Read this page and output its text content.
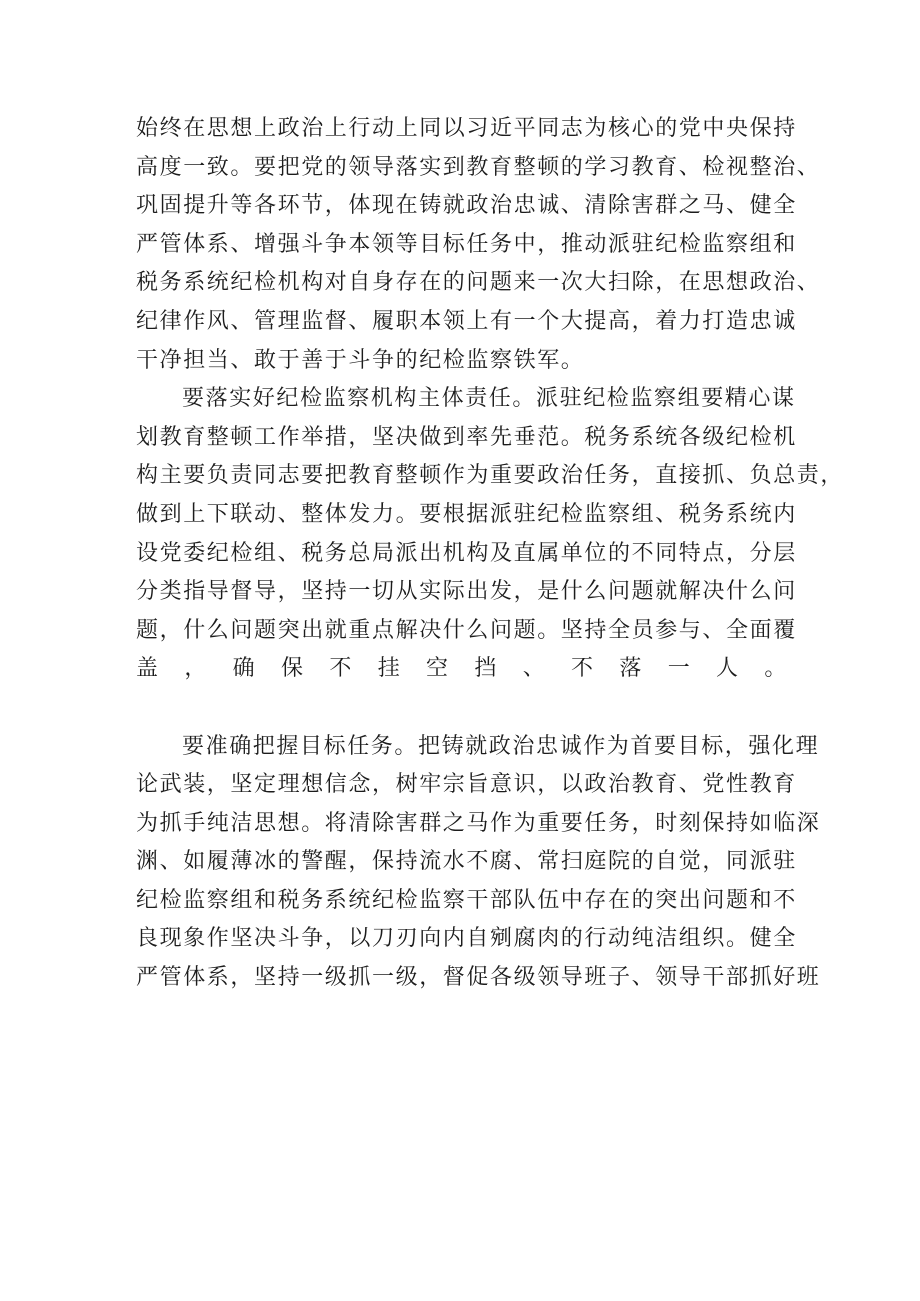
始终在思想上政治上行动上同以习近平同志为核心的党中央保持
高度一致。要把党的领导落实到教育整顿的学习教育、检视整治、
巩固提升等各环节，体现在铸就政治忠诚、清除害群之马、健全
严管体系、增强斗争本领等目标任务中，推动派驻纪检监察组和
税务系统纪检机构对自身存在的问题来一次大扫除，在思想政治、
纪律作风、管理监督、履职本领上有一个大提高，着力打造忠诚
干净担当、敢于善于斗争的纪检监察铁军。
要落实好纪检监察机构主体责任。派驻纪检监察组要精心谋
划教育整顿工作举措，坚决做到率先垂范。税务系统各级纪检机
构主要负责同志要把教育整顿作为重要政治任务，直接抓、负总责，
做到上下联动、整体发力。要根据派驻纪检监察组、税务系统内
设党委纪检组、税务总局派出机构及直属单位的不同特点，分层
分类指导督导，坚持一切从实际出发，是什么问题就解决什么问
题，什么问题突出就重点解决什么问题。坚持全员参与、全面覆
盖，确保不挂空挡、不落一人。
要准确把握目标任务。把铸就政治忠诚作为首要目标，强化理
论武装，坚定理想信念，树牢宗旨意识，以政治教育、党性教育
为抓手纯洁思想。将清除害群之马作为重要任务，时刻保持如临深
渊、如履薄冰的警醒，保持流水不腐、常扫庭院的自觉，同派驻
纪检监察组和税务系统纪检监察干部队伍中存在的突出问题和不
良现象作坚决斗争，以刀刃向内自剜腐肉的行动纯洁组织。健全
严管体系，坚持一级抓一级，督促各级领导班子、领导干部抓好班
